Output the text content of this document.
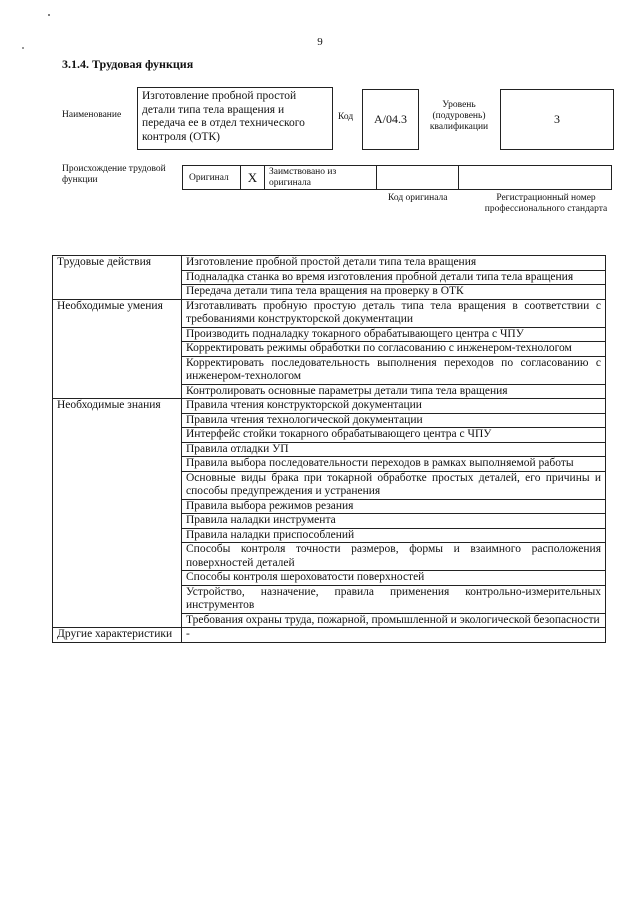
9
3.1.4. Трудовая функция
Наименование
Изготовление пробной простой детали типа тела вращения и передача ее в отдел технического контроля (ОТК)
Код А/04.3
Уровень (подуровень) квалификации
3
Происхождение трудовой функции	Оригинал X Заимствовано из оригинала
Код оригинала	Регистрационный номер профессионального стандарта
Трудовые действия	Изготовление пробной простой детали типа тела вращения
	Подналадка станка во время изготовления пробной детали типа тела вращения
	Передача детали типа тела вращения на проверку в ОТК
Необходимые умения	Изготавливать пробную простую деталь типа тела вращения в соответствии с требованиями конструкторской документации
	Производить подналадку токарного обрабатывающего центра с ЧПУ
	Корректировать режимы обработки по согласованию с инженером-технологом
	Корректировать последовательность выполнения переходов по согласованию с инженером-технологом
	Контролировать основные параметры детали типа тела вращения
Необходимые знания	Правила чтения конструкторской документации
	Правила чтения технологической документации
	Интерфейс стойки токарного обрабатывающего центра с ЧПУ
	Правила отладки УП
	Правила выбора последовательности переходов в рамках выполняемой работы
	Основные виды брака при токарной обработке простых деталей, его причины и способы предупреждения и устранения
	Правила выбора режимов резания
	Правила наладки инструмента
	Правила наладки приспособлений
	Способы контроля точности размеров, формы и взаимного расположения поверхностей деталей
	Способы контроля шероховатости поверхностей
	Устройство, назначение, правила применения контрольно-измерительных инструментов
	Требования охраны труда, пожарной, промышленной и экологической безопасности
Другие характеристики	-
